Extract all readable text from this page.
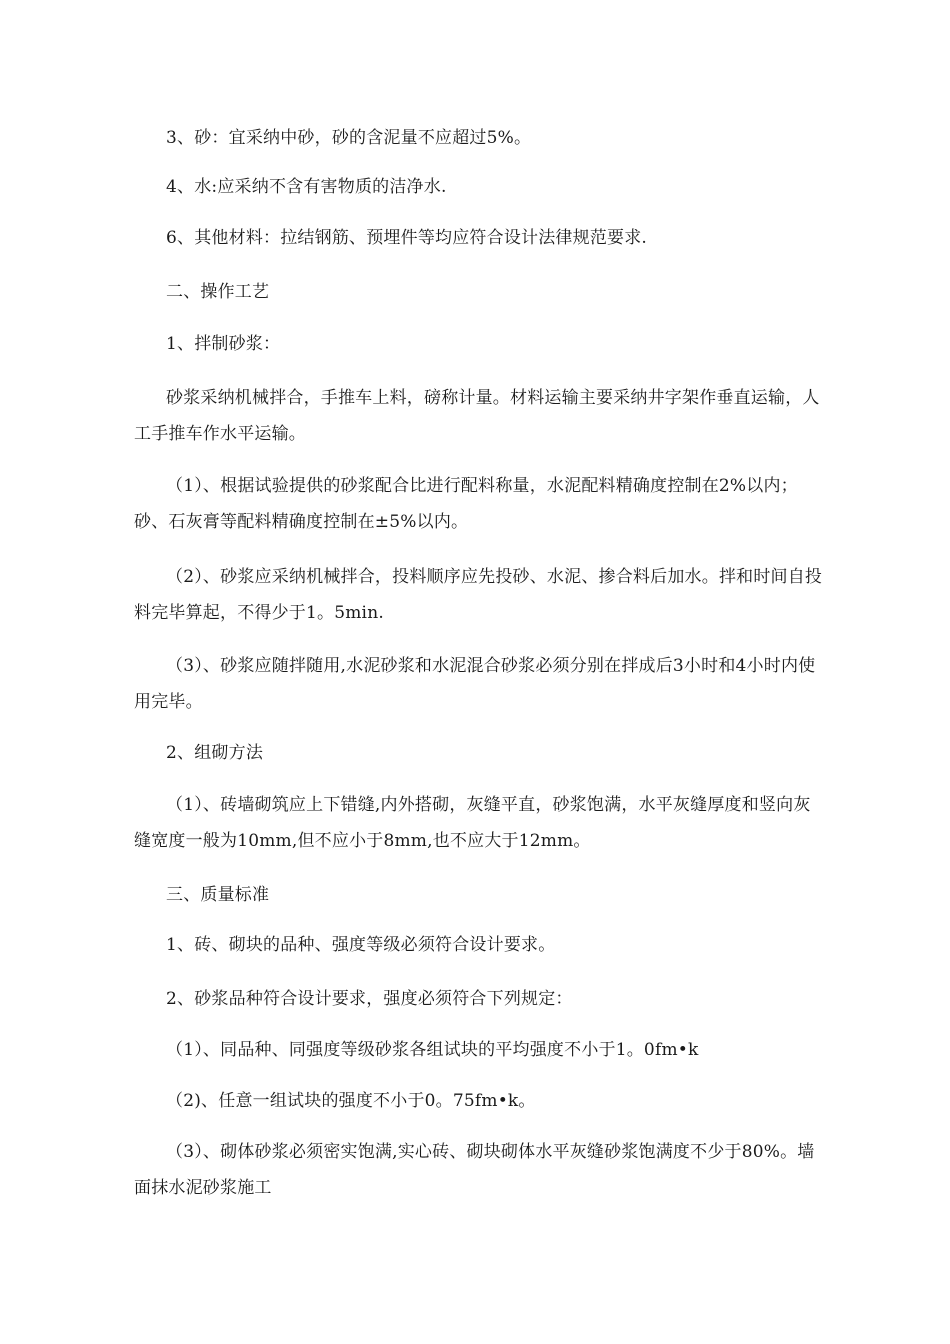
3、砂：宜采纳中砂，砂的含泥量不应超过5%。

4、水:应采纳不含有害物质的洁净水.

6、其他材料：拉结钢筋、预埋件等均应符合设计法律规范要求.

二、操作工艺

1、拌制砂浆：

砂浆采纳机械拌合，手推车上料，磅称计量。材料运输主要采纳井字架作垂直运输，人工手推车作水平运输。

（1）、根据试验提供的砂浆配合比进行配料称量，水泥配料精确度控制在2%以内；砂、石灰膏等配料精确度控制在±5%以内。

（2）、砂浆应采纳机械拌合，投料顺序应先投砂、水泥、掺合料后加水。拌和时间自投料完毕算起，不得少于1。5min.

（3）、砂浆应随拌随用,水泥砂浆和水泥混合砂浆必须分别在拌成后3小时和4小时内使用完毕。

2、组砌方法

（1）、砖墙砌筑应上下错缝,内外搭砌，灰缝平直，砂浆饱满，水平灰缝厚度和竖向灰缝宽度一般为10mm,但不应小于8mm,也不应大于12mm。

三、质量标准

1、砖、砌块的品种、强度等级必须符合设计要求。

2、砂浆品种符合设计要求，强度必须符合下列规定：

（1）、同品种、同强度等级砂浆各组试块的平均强度不小于1。0fm•k

（2)、任意一组试块的强度不小于0。75fm•k。

（3）、砌体砂浆必须密实饱满,实心砖、砌块砌体水平灰缝砂浆饱满度不少于80%。墙面抹水泥砂浆施工
